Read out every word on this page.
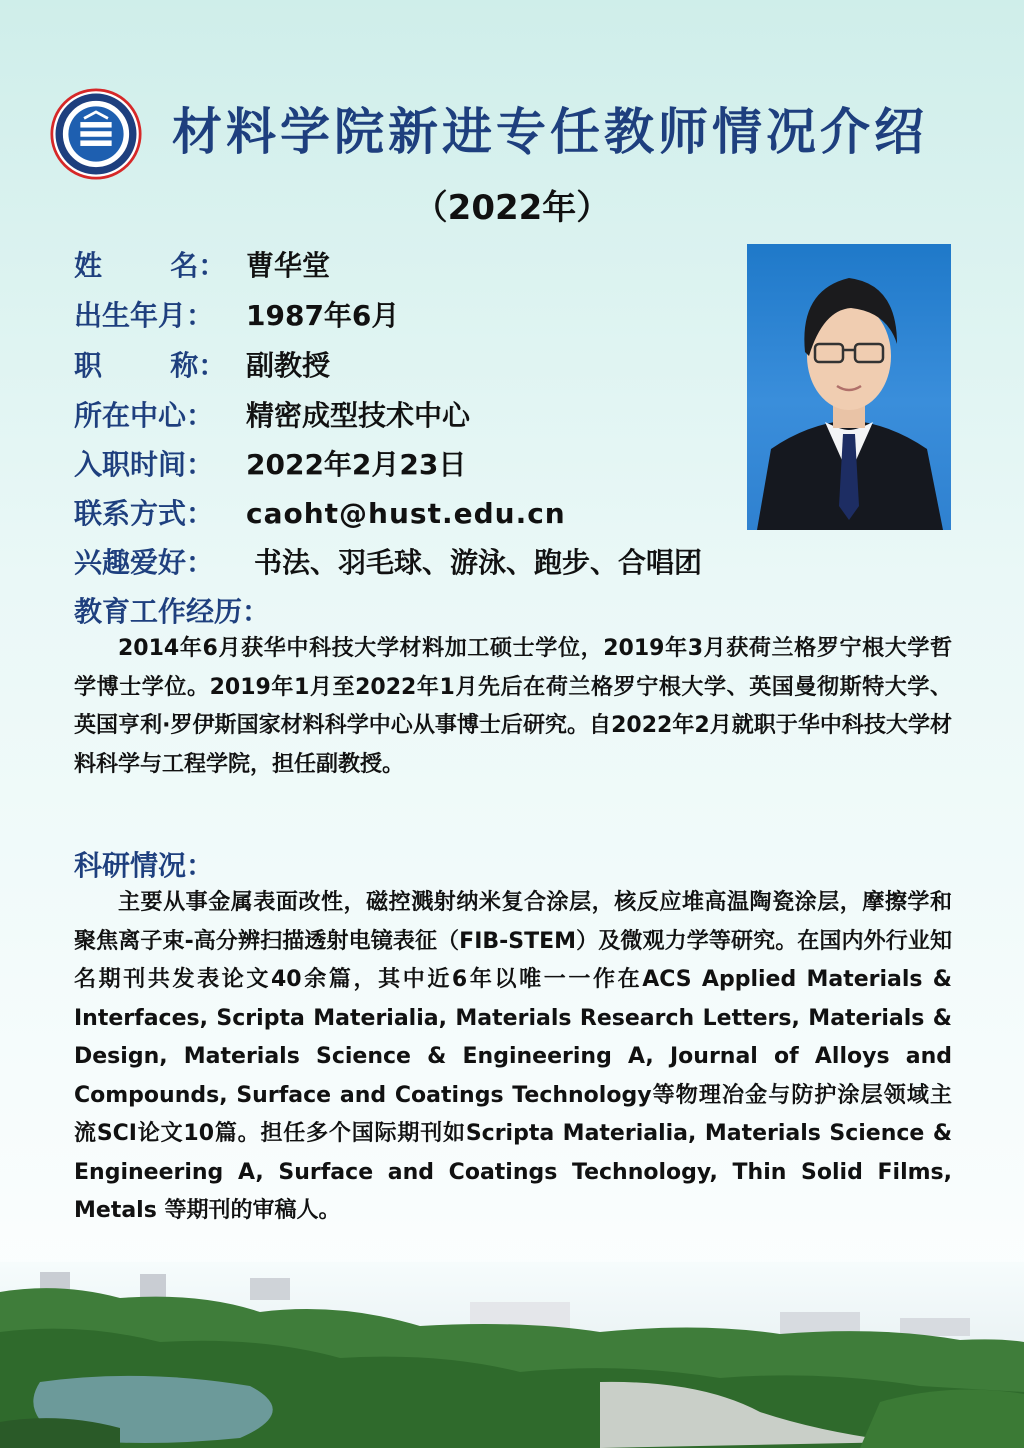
材料学院新进专任教师情况介绍
（2022年）
姓       名： 曹华堂
出生年月： 1987年6月
职       称： 副教授
所在中心： 精密成型技术中心
入职时间： 2022年2月23日
联系方式： caoht@hust.edu.cn
兴趣爱好： 书法、羽毛球、游泳、跑步、合唱团
教育工作经历：

2014年6月获华中科技大学材料加工硕士学位，2019年3月获荷兰格罗宁根大学哲学博士学位。2019年1月至2022年1月先后在荷兰格罗宁根大学、英国曼彻斯特大学、英国亨利·罗伊斯国家材料科学中心从事博士后研究。自2022年2月就职于华中科技大学材料科学与工程学院，担任副教授。

科研情况：

主要从事金属表面改性，磁控溅射纳米复合涂层，核反应堆高温陶瓷涂层，摩擦学和聚焦离子束-高分辨扫描透射电镜表征（FIB-STEM）及微观力学等研究。在国内外行业知名期刊共发表论文40余篇，其中近6年以唯一一作在ACS Applied Materials & Interfaces, Scripta Materialia, Materials Research Letters, Materials & Design, Materials Science & Engineering A, Journal of Alloys and Compounds, Surface and Coatings Technology等物理冶金与防护涂层领域主流SCI论文10篇。担任多个国际期刊如Scripta Materialia, Materials Science & Engineering A, Surface and Coatings Technology, Thin Solid Films, Metals 等期刊的审稿人。
